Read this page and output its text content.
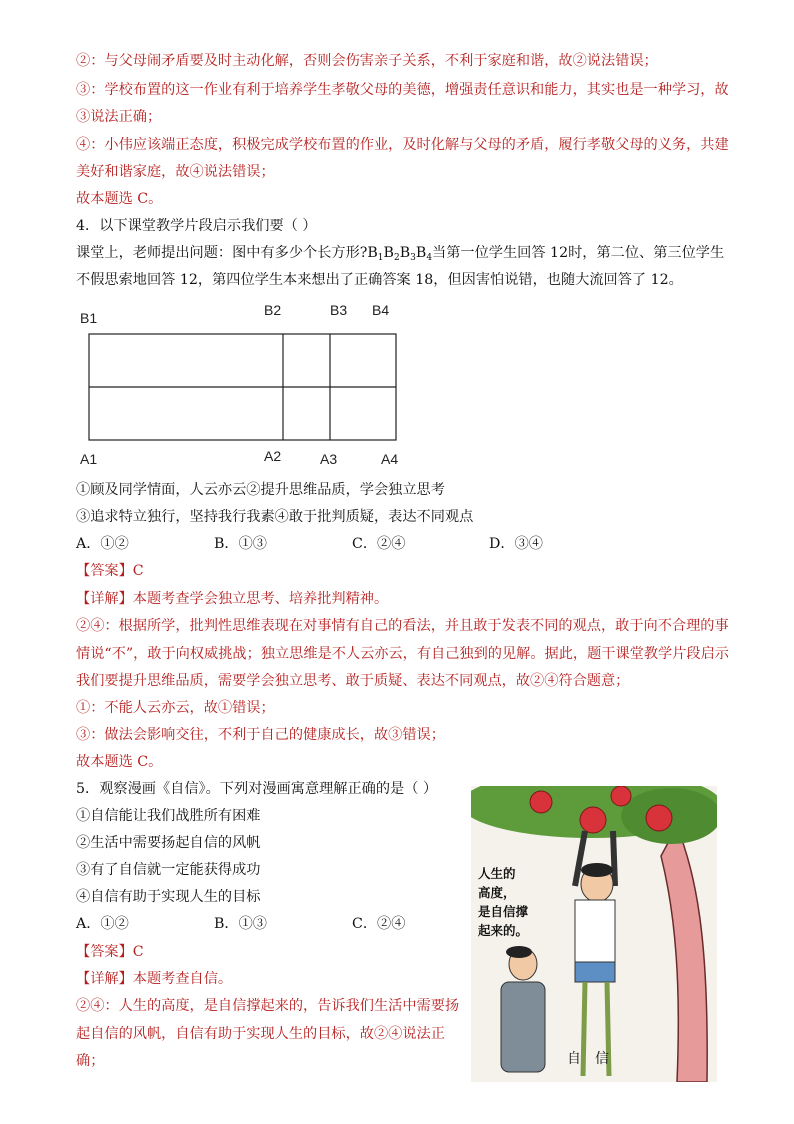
②：与父母闹矛盾要及时主动化解，否则会伤害亲子关系，不利于家庭和谐，故②说法错误；
③：学校布置的这一作业有利于培养学生孝敬父母的美德，增强责任意识和能力，其实也是一种学习，故
③说法正确；
④：小伟应该端正态度，积极完成学校布置的作业，及时化解与父母的矛盾，履行孝敬父母的义务，共建
美好和谐家庭，故④说法错误；
故本题选 C。
4．以下课堂教学片段启示我们要（ ）
课堂上，老师提出问题：图中有多少个长方形$?B_1B_2B_3B_4$当第一位学生回答 12时，第二位、第三位学生
不假思索地回答 12，第四位学生本来想出了正确答案 18，但因害怕说错，也随大流回答了 12。
B1	B2	B3 B4
A1	A2	A3	A4
①顾及同学情面，人云亦云②提升思维品质，学会独立思考
③追求特立独行，坚持我行我素④敢于批判质疑，表达不同观点
A．①②	B．①③	C．②④	D．③④
【答案】C
【详解】本题考查学会独立思考、培养批判精神。
②④：根据所学，批判性思维表现在对事情有自己的看法，并且敢于发表不同的观点，敢于向不合理的事
情说“不”，敢于向权威挑战；独立思维是不人云亦云，有自己独到的见解。据此，题干课堂教学片段启示
我们要提升思维品质，需要学会独立思考、敢于质疑、表达不同观点，故②④符合题意；
①：不能人云亦云，故①错误；
③：做法会影响交往，不利于自己的健康成长，故③错误；
故本题选 C。
5．观察漫画《自信》。下列对漫画寓意理解正确的是（ ）
①自信能让我们战胜所有困难
②生活中需要扬起自信的风帆
③有了自信就一定能获得成功
④自信有助于实现人生的目标
A．①②	B．①③	C．②④
【答案】C
【详解】本题考查自信。
②④：人生的高度，是自信撑起来的，告诉我们生活中需要扬
起自信的风帆，自信有助于实现人生的目标，故②④说法正
确；
人生的
高度，
是自信撑
起来的。
自 信
